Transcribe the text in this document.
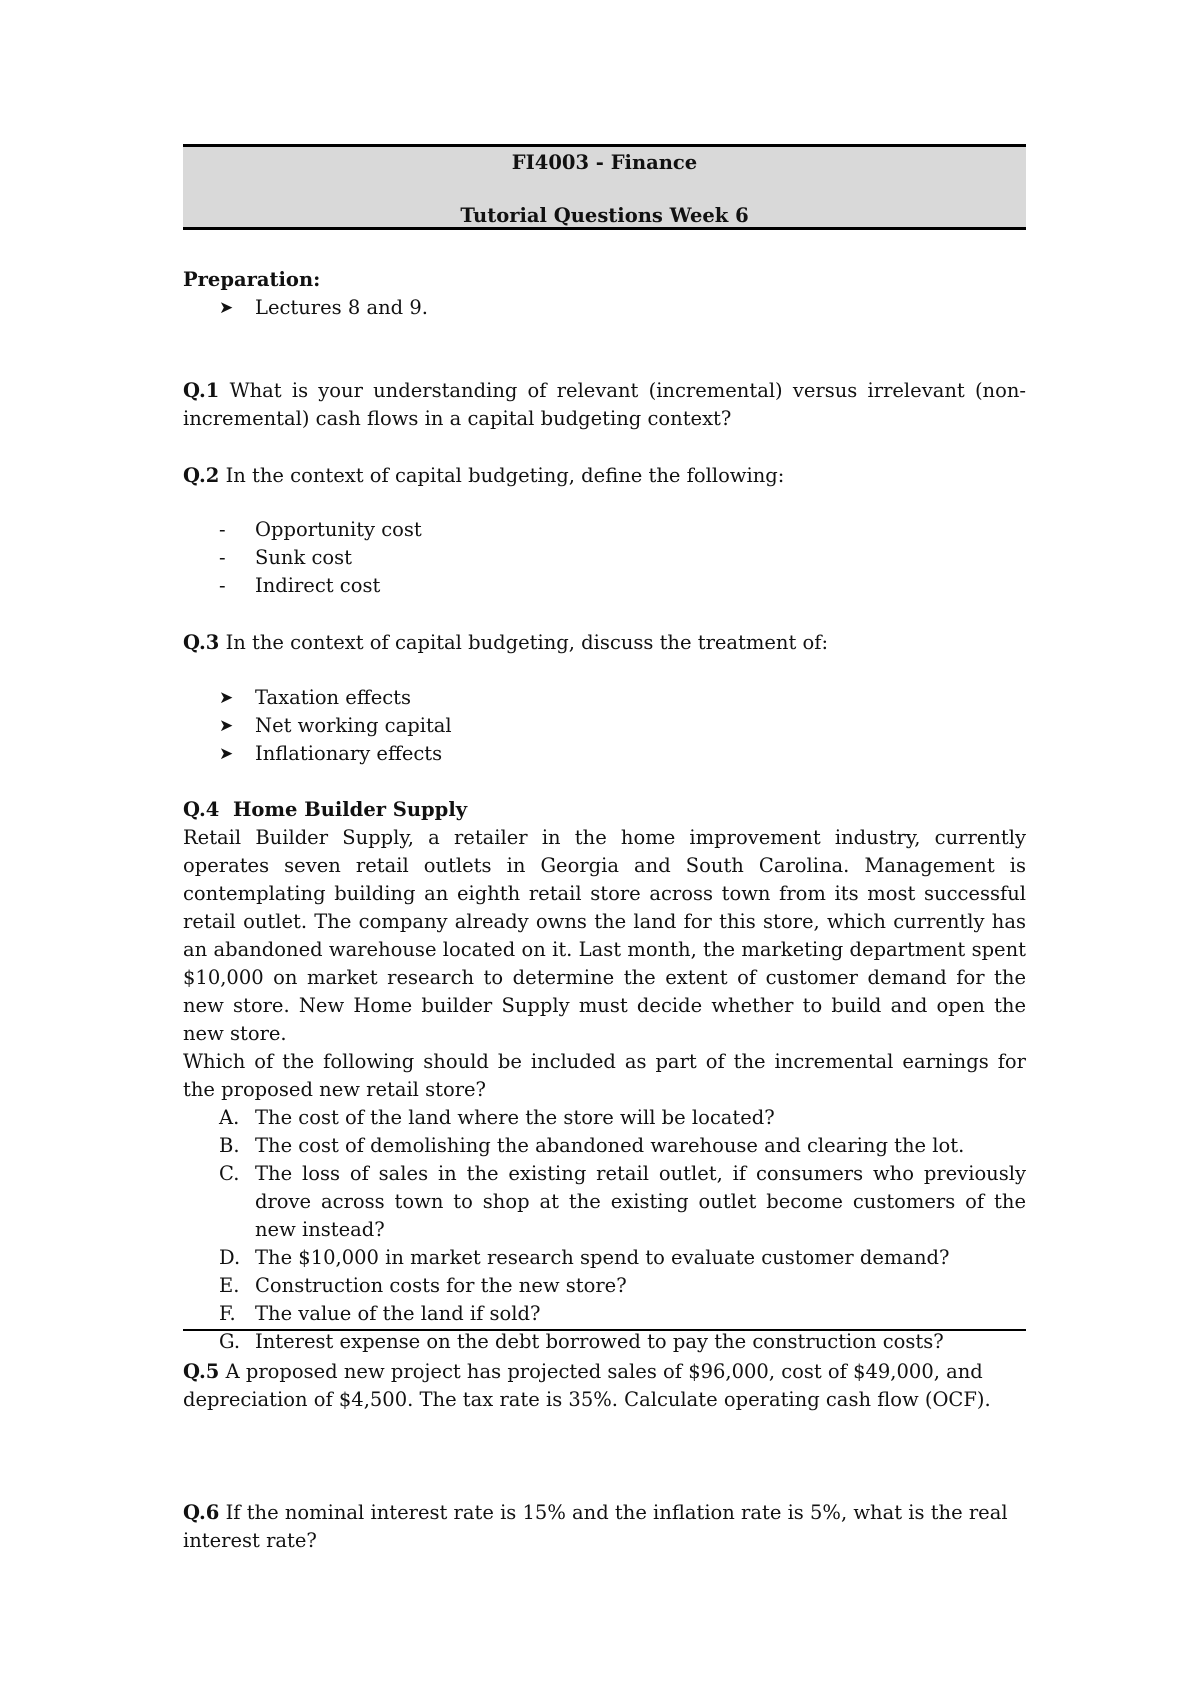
FI4003 - Finance
Tutorial Questions Week 6
Preparation:
➤ Lectures 8 and 9.
Q.1 What is your understanding of relevant (incremental) versus irrelevant (non-incremental) cash flows in a capital budgeting context?
Q.2 In the context of capital budgeting, define the following:
- Opportunity cost
- Sunk cost
- Indirect cost
Q.3 In the context of capital budgeting, discuss the treatment of:
➤ Taxation effects
➤ Net working capital
➤ Inflationary effects
Q.4 Home Builder Supply
Retail Builder Supply, a retailer in the home improvement industry, currently operates seven retail outlets in Georgia and South Carolina. Management is contemplating building an eighth retail store across town from its most successful retail outlet. The company already owns the land for this store, which currently has an abandoned warehouse located on it. Last month, the marketing department spent $10,000 on market research to determine the extent of customer demand for the new store. New Home builder Supply must decide whether to build and open the new store.
Which of the following should be included as part of the incremental earnings for the proposed new retail store?
A. The cost of the land where the store will be located?
B. The cost of demolishing the abandoned warehouse and clearing the lot.
C. The loss of sales in the existing retail outlet, if consumers who previously drove across town to shop at the existing outlet become customers of the new instead?
D. The $10,000 in market research spend to evaluate customer demand?
E. Construction costs for the new store?
F. The value of the land if sold?
G. Interest expense on the debt borrowed to pay the construction costs?
Q.5 A proposed new project has projected sales of $96,000, cost of $49,000, and depreciation of $4,500. The tax rate is 35%. Calculate operating cash flow (OCF).
Q.6 If the nominal interest rate is 15% and the inflation rate is 5%, what is the real interest rate?
